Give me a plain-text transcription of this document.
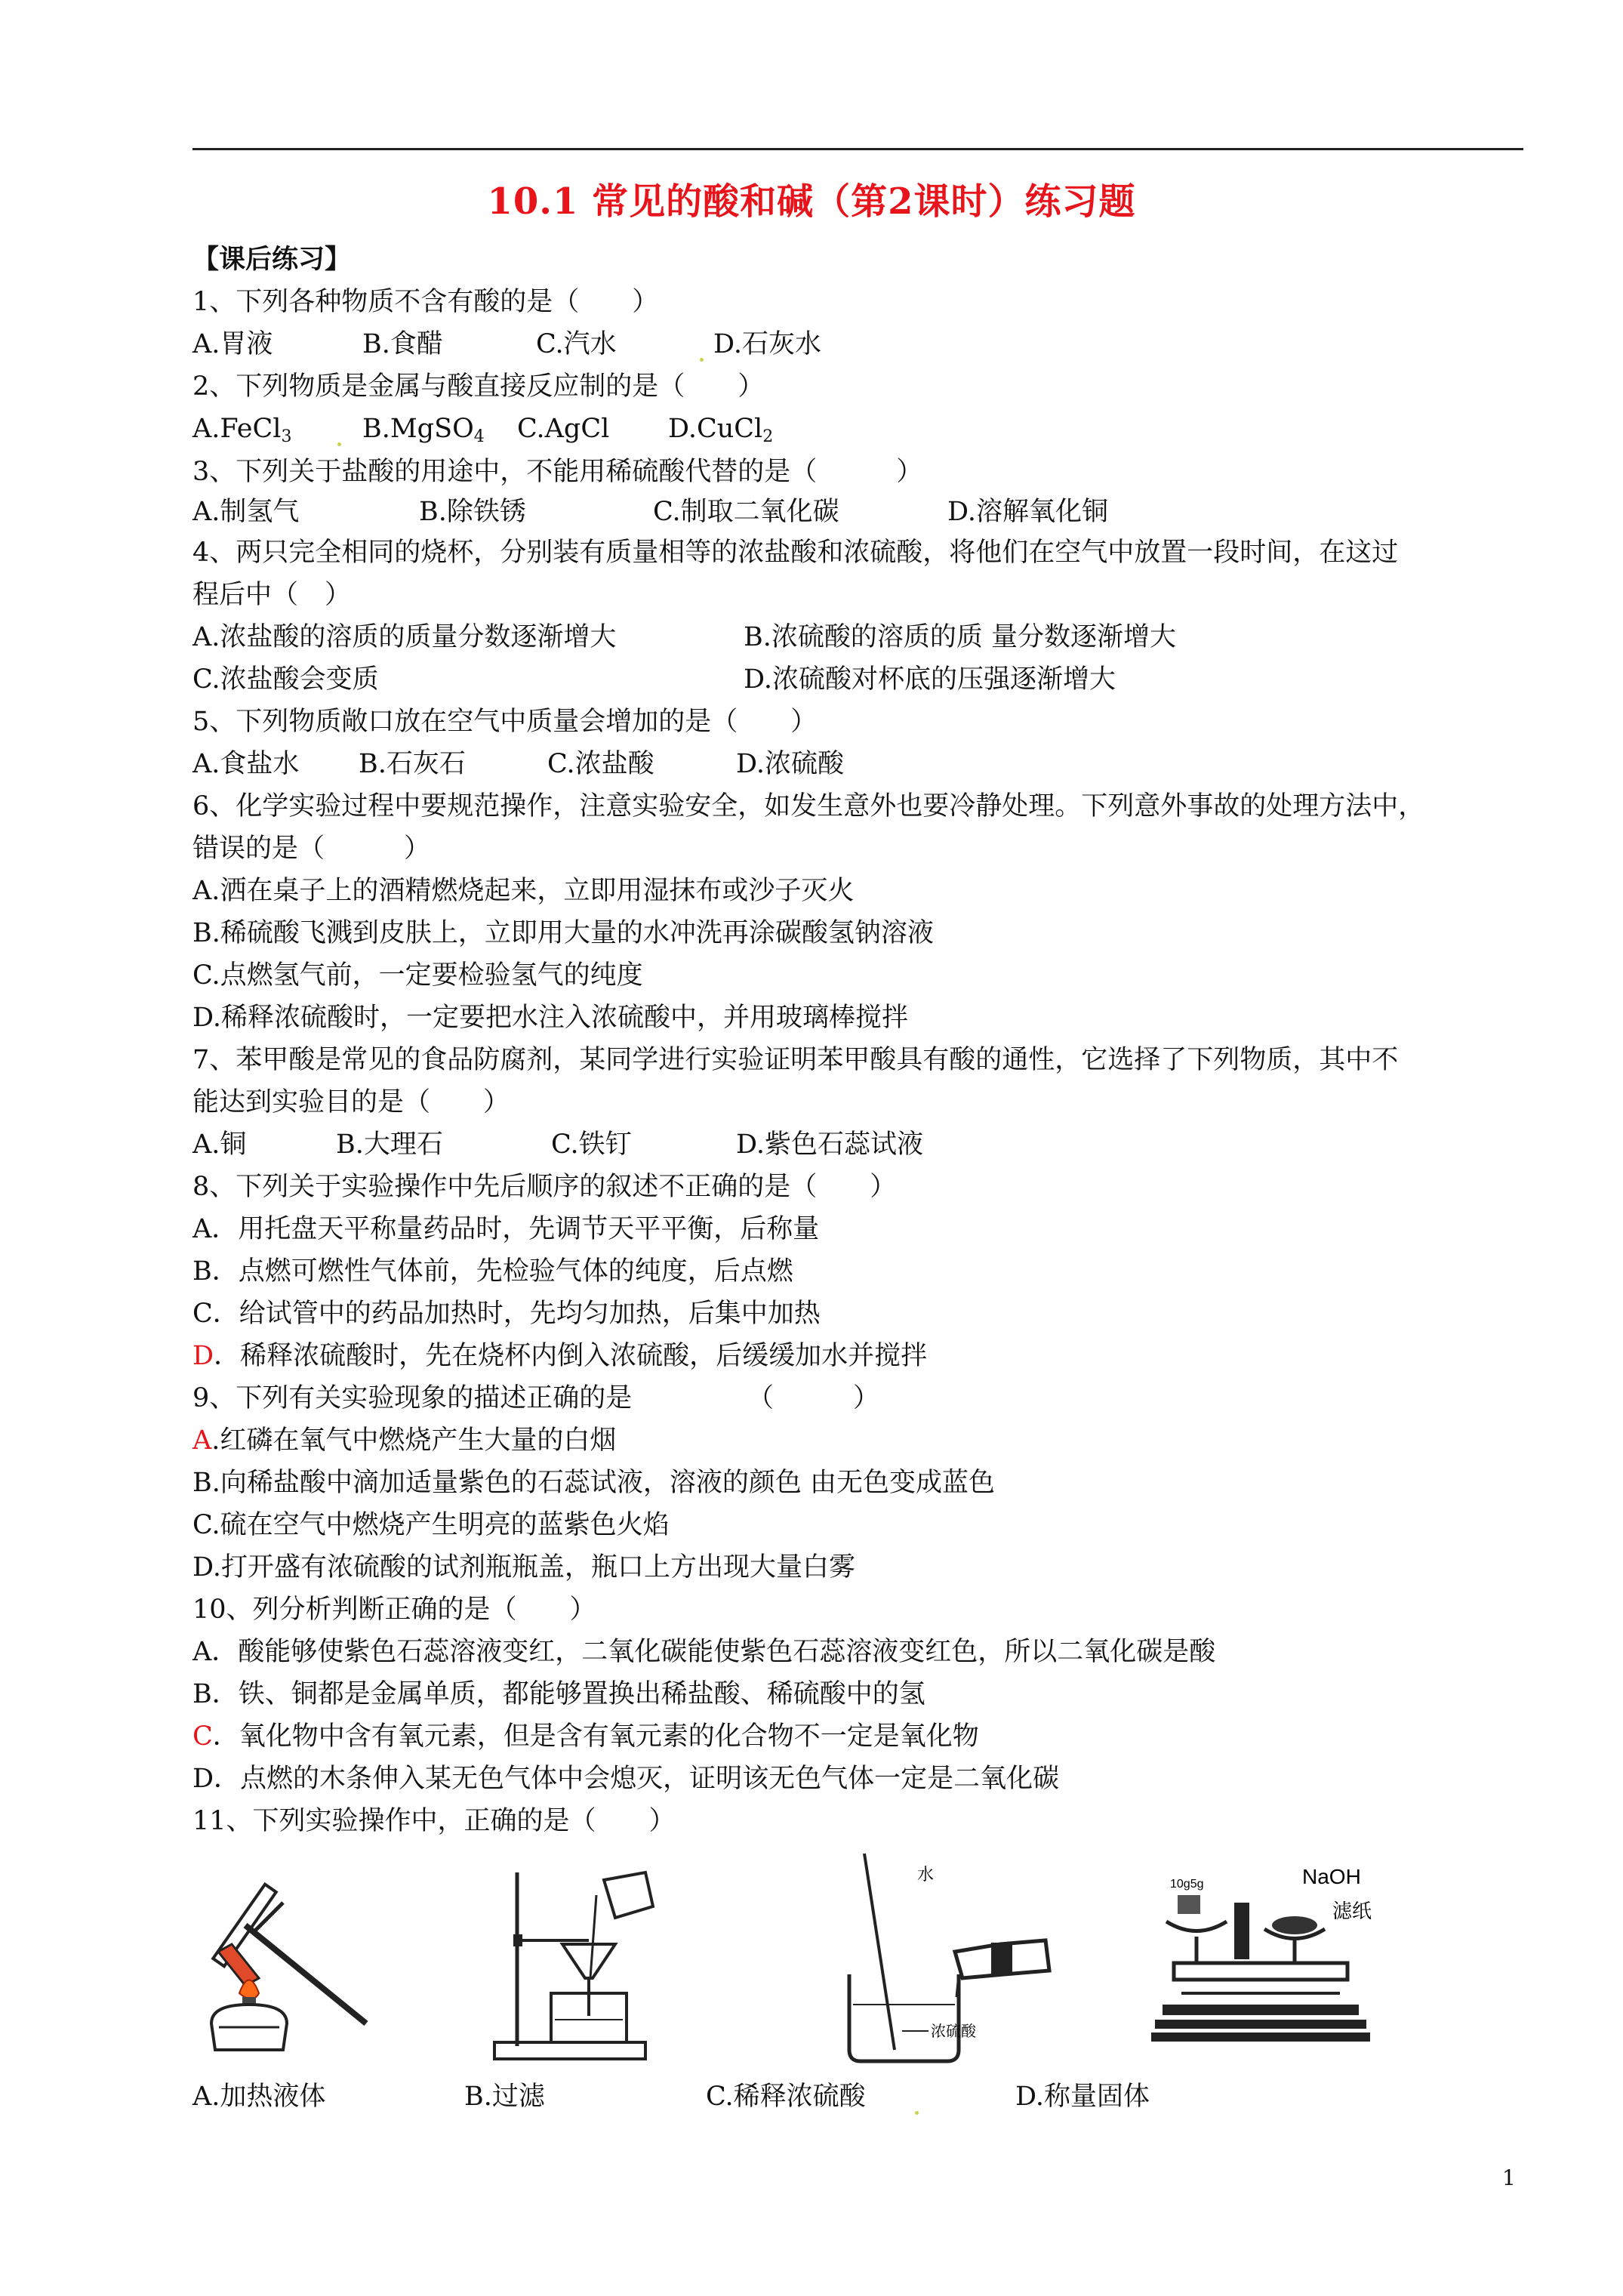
10.1 常见的酸和碱（第2课时）练习题
【课后练习】
1、下列各种物质不含有酸的是（　　）
A.胃液	B.食醋	C.汽水	D.石灰水
2、下列物质是金属与酸直接反应制的是（　　）
A.FeCl$_3$	B.MgSO$_4$ C.AgCl D.CuCl$_2$
3、下列关于盐酸的用途中，不能用稀硫酸代替的是（　　　）
A.制氢气	B.除铁锈	C.制取二氧化碳	D.溶解氧化铜
4、两只完全相同的烧杯，分别装有质量相等的浓盐酸和浓硫酸，将他们在空气中放置一段时间，在这过
程后中（　）
A.浓盐酸的溶质的质量分数逐渐增大	B.浓硫酸的溶质的质 量分数逐渐增大
C.浓盐酸会变质	D.浓硫酸对杯底的压强逐渐增大
5、下列物质敞口放在空气中质量会增加的是（　　）
A.食盐水 B.石灰石	C.浓盐酸	D.浓硫酸
6、化学实验过程中要规范操作，注意实验安全，如发生意外也要冷静处理。下列意外事故的处理方法中，
错误的是（　　　）
A.洒在桌子上的酒精燃烧起来，立即用湿抹布或沙子灭火
B.稀硫酸飞溅到皮肤上，立即用大量的水冲洗再涂碳酸氢钠溶液
C.点燃氢气前，一定要检验氢气的纯度
D.稀释浓硫酸时，一定要把水注入浓硫酸中，并用玻璃棒搅拌
7、苯甲酸是常见的食品防腐剂，某同学进行实验证明苯甲酸具有酸的通性，它选择了下列物质，其中不
能达到实验目的是（　　）
A.铜	B.大理石	C.铁钉	D.紫色石蕊试液
8、下列关于实验操作中先后顺序的叙述不正确的是（　　）
A．用托盘天平称量药品时，先调节天平平衡，后称量
B．点燃可燃性气体前，先检验气体的纯度，后点燃
C．给试管中的药品加热时，先均匀加热，后集中加热
D．稀释浓硫酸时，先在烧杯内倒入浓硫酸，后缓缓加水并搅拌
9、下列有关实验现象的描述正确的是	（　　　）
A.红磷在氧气中燃烧产生大量的白烟
B.向稀盐酸中滴加适量紫色的石蕊试液，溶液的颜色 由无色变成蓝色
C.硫在空气中燃烧产生明亮的蓝紫色火焰
D.打开盛有浓硫酸的试剂瓶瓶盖，瓶口上方出现大量白雾
10、列分析判断正确的是（　　）
A．酸能够使紫色石蕊溶液变红，二氧化碳能使紫色石蕊溶液变红色，所以二氧化碳是酸
B．铁、铜都是金属单质，都能够置换出稀盐酸、稀硫酸中的氢
C．氧化物中含有氧元素，但是含有氧元素的化合物不一定是氧化物
D．点燃的木条伸入某无色气体中会熄灭，证明该无色气体一定是二氧化碳
11、下列实验操作中，正确的是（　　）
水
浓硫酸
10g5g	NaOH
滤纸
A.加热液体	B.过滤	C.稀释浓硫酸	D.称量固体
1
